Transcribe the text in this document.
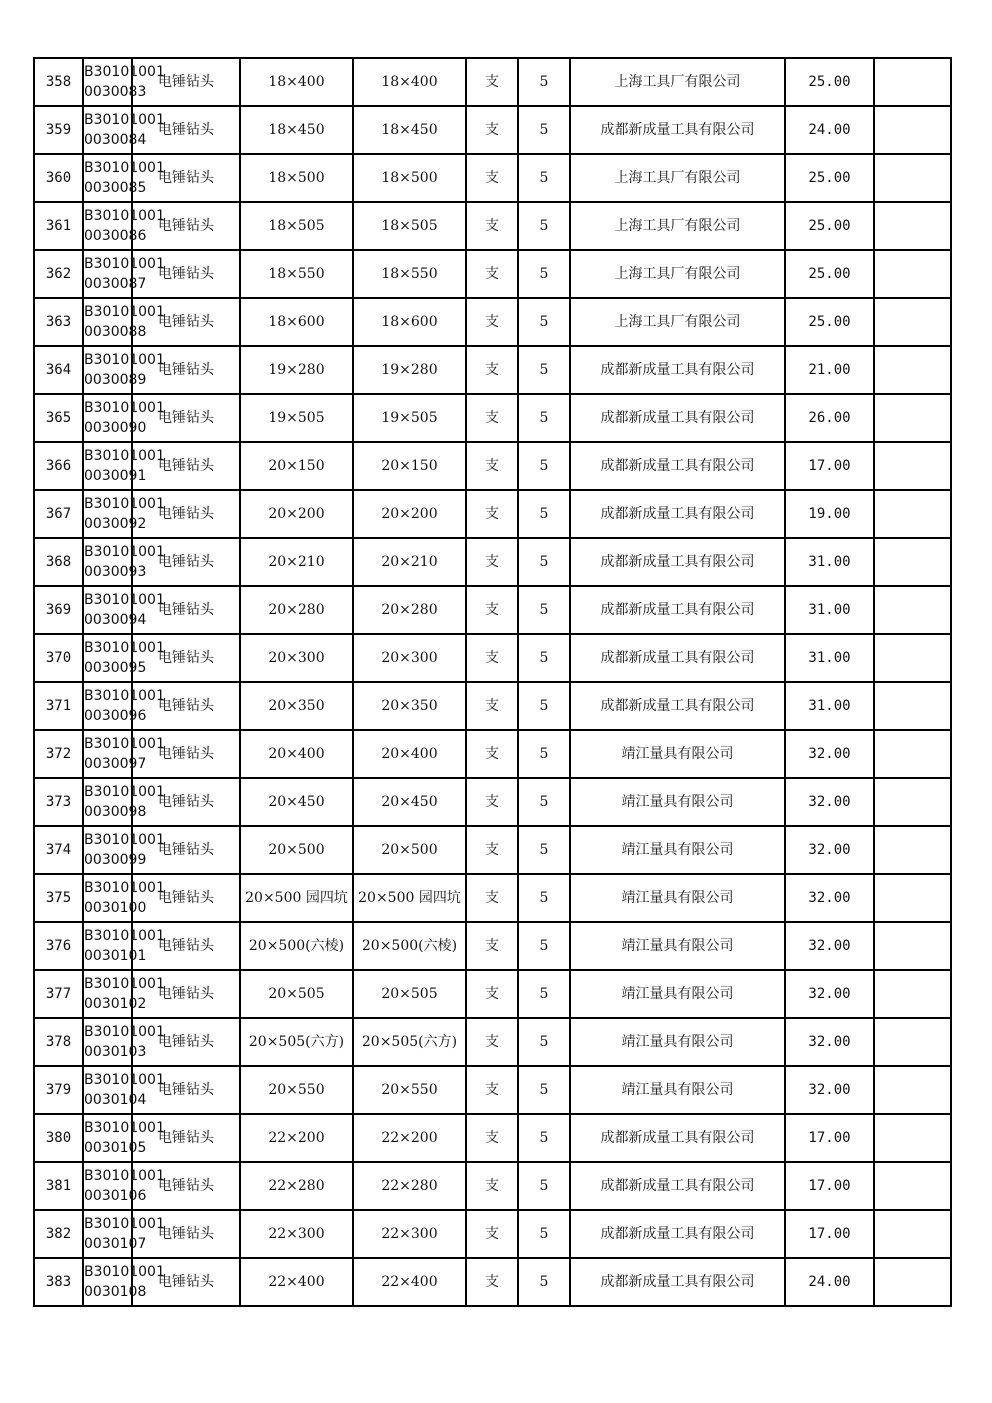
358	B30101001
0030083	电锤钻头	18×400	18×400	支	5	上海工具厂有限公司	25.00	
359	B30101001
0030084	电锤钻头	18×450	18×450	支	5	成都新成量工具有限公司	24.00	
360	B30101001
0030085	电锤钻头	18×500	18×500	支	5	上海工具厂有限公司	25.00	
361	B30101001
0030086	电锤钻头	18×505	18×505	支	5	上海工具厂有限公司	25.00	
362	B30101001
0030087	电锤钻头	18×550	18×550	支	5	上海工具厂有限公司	25.00	
363	B30101001
0030088	电锤钻头	18×600	18×600	支	5	上海工具厂有限公司	25.00	
364	B30101001
0030089	电锤钻头	19×280	19×280	支	5	成都新成量工具有限公司	21.00	
365	B30101001
0030090	电锤钻头	19×505	19×505	支	5	成都新成量工具有限公司	26.00	
366	B30101001
0030091	电锤钻头	20×150	20×150	支	5	成都新成量工具有限公司	17.00	
367	B30101001
0030092	电锤钻头	20×200	20×200	支	5	成都新成量工具有限公司	19.00	
368	B30101001
0030093	电锤钻头	20×210	20×210	支	5	成都新成量工具有限公司	31.00	
369	B30101001
0030094	电锤钻头	20×280	20×280	支	5	成都新成量工具有限公司	31.00	
370	B30101001
0030095	电锤钻头	20×300	20×300	支	5	成都新成量工具有限公司	31.00	
371	B30101001
0030096	电锤钻头	20×350	20×350	支	5	成都新成量工具有限公司	31.00	
372	B30101001
0030097	电锤钻头	20×400	20×400	支	5	靖江量具有限公司	32.00	
373	B30101001
0030098	电锤钻头	20×450	20×450	支	5	靖江量具有限公司	32.00	
374	B30101001
0030099	电锤钻头	20×500	20×500	支	5	靖江量具有限公司	32.00	
375	B30101001
0030100	电锤钻头	20×500 园四坑	20×500 园四坑	支	5	靖江量具有限公司	32.00	
376	B30101001
0030101	电锤钻头	20×500(六棱)	20×500(六棱)	支	5	靖江量具有限公司	32.00	
377	B30101001
0030102	电锤钻头	20×505	20×505	支	5	靖江量具有限公司	32.00	
378	B30101001
0030103	电锤钻头	20×505(六方)	20×505(六方)	支	5	靖江量具有限公司	32.00	
379	B30101001
0030104	电锤钻头	20×550	20×550	支	5	靖江量具有限公司	32.00	
380	B30101001
0030105	电锤钻头	22×200	22×200	支	5	成都新成量工具有限公司	17.00	
381	B30101001
0030106	电锤钻头	22×280	22×280	支	5	成都新成量工具有限公司	17.00	
382	B30101001
0030107	电锤钻头	22×300	22×300	支	5	成都新成量工具有限公司	17.00	
383	B30101001
0030108	电锤钻头	22×400	22×400	支	5	成都新成量工具有限公司	24.00	
